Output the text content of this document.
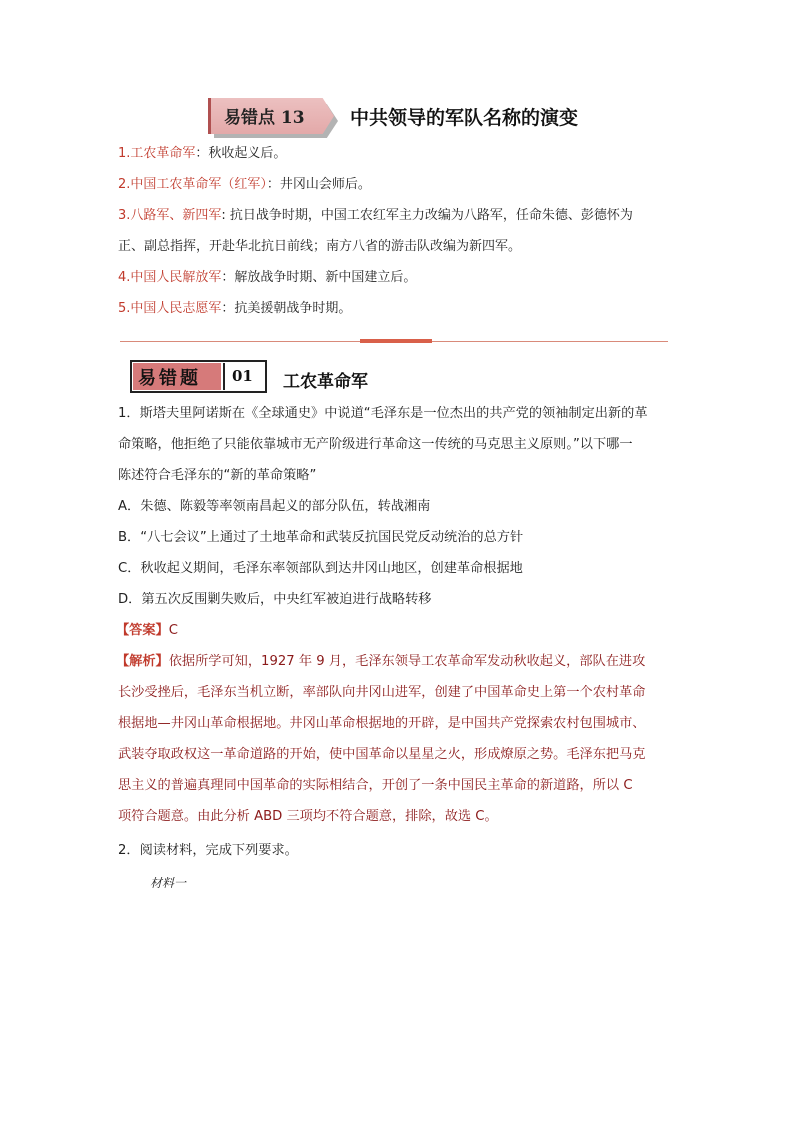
易错点 13 中共领导的军队名称的演变
1.工农革命军：秋收起义后。
2.中国工农革命军（红军）：井冈山会师后。
3.八路军、新四军: 抗日战争时期，中国工农红军主力改编为八路军，任命朱德、彭德怀为
正、副总指挥，开赴华北抗日前线；南方八省的游击队改编为新四军。
4.中国人民解放军：解放战争时期、新中国建立后。
5.中国人民志愿军：抗美援朝战争时期。
易错题 01 工农革命军
1．斯塔夫里阿诺斯在《全球通史》中说道“毛泽东是一位杰出的共产党的领袖制定出新的革
命策略，他拒绝了只能依靠城市无产阶级进行革命这一传统的马克思主义原则。”以下哪一
陈述符合毛泽东的“新的革命策略”
A．朱德、陈毅等率领南昌起义的部分队伍，转战湘南
B．“八七会议”上通过了土地革命和武装反抗国民党反动统治的总方针
C．秋收起义期间，毛泽东率领部队到达井冈山地区，创建革命根据地
D．第五次反围剿失败后，中央红军被迫进行战略转移
【答案】C
【解析】依据所学可知，1927 年 9 月，毛泽东领导工农革命军发动秋收起义，部队在进攻
长沙受挫后，毛泽东当机立断，率部队向井冈山进军，创建了中国革命史上第一个农村革命
根据地—井冈山革命根据地。井冈山革命根据地的开辟，是中国共产党探索农村包围城市、
武装夺取政权这一革命道路的开始，使中国革命以星星之火，形成燎原之势。毛泽东把马克
思主义的普遍真理同中国革命的实际相结合，开创了一条中国民主革命的新道路，所以 C
项符合题意。由此分析 ABD 三项均不符合题意，排除，故选 C。
2．阅读材料，完成下列要求。
材料一
